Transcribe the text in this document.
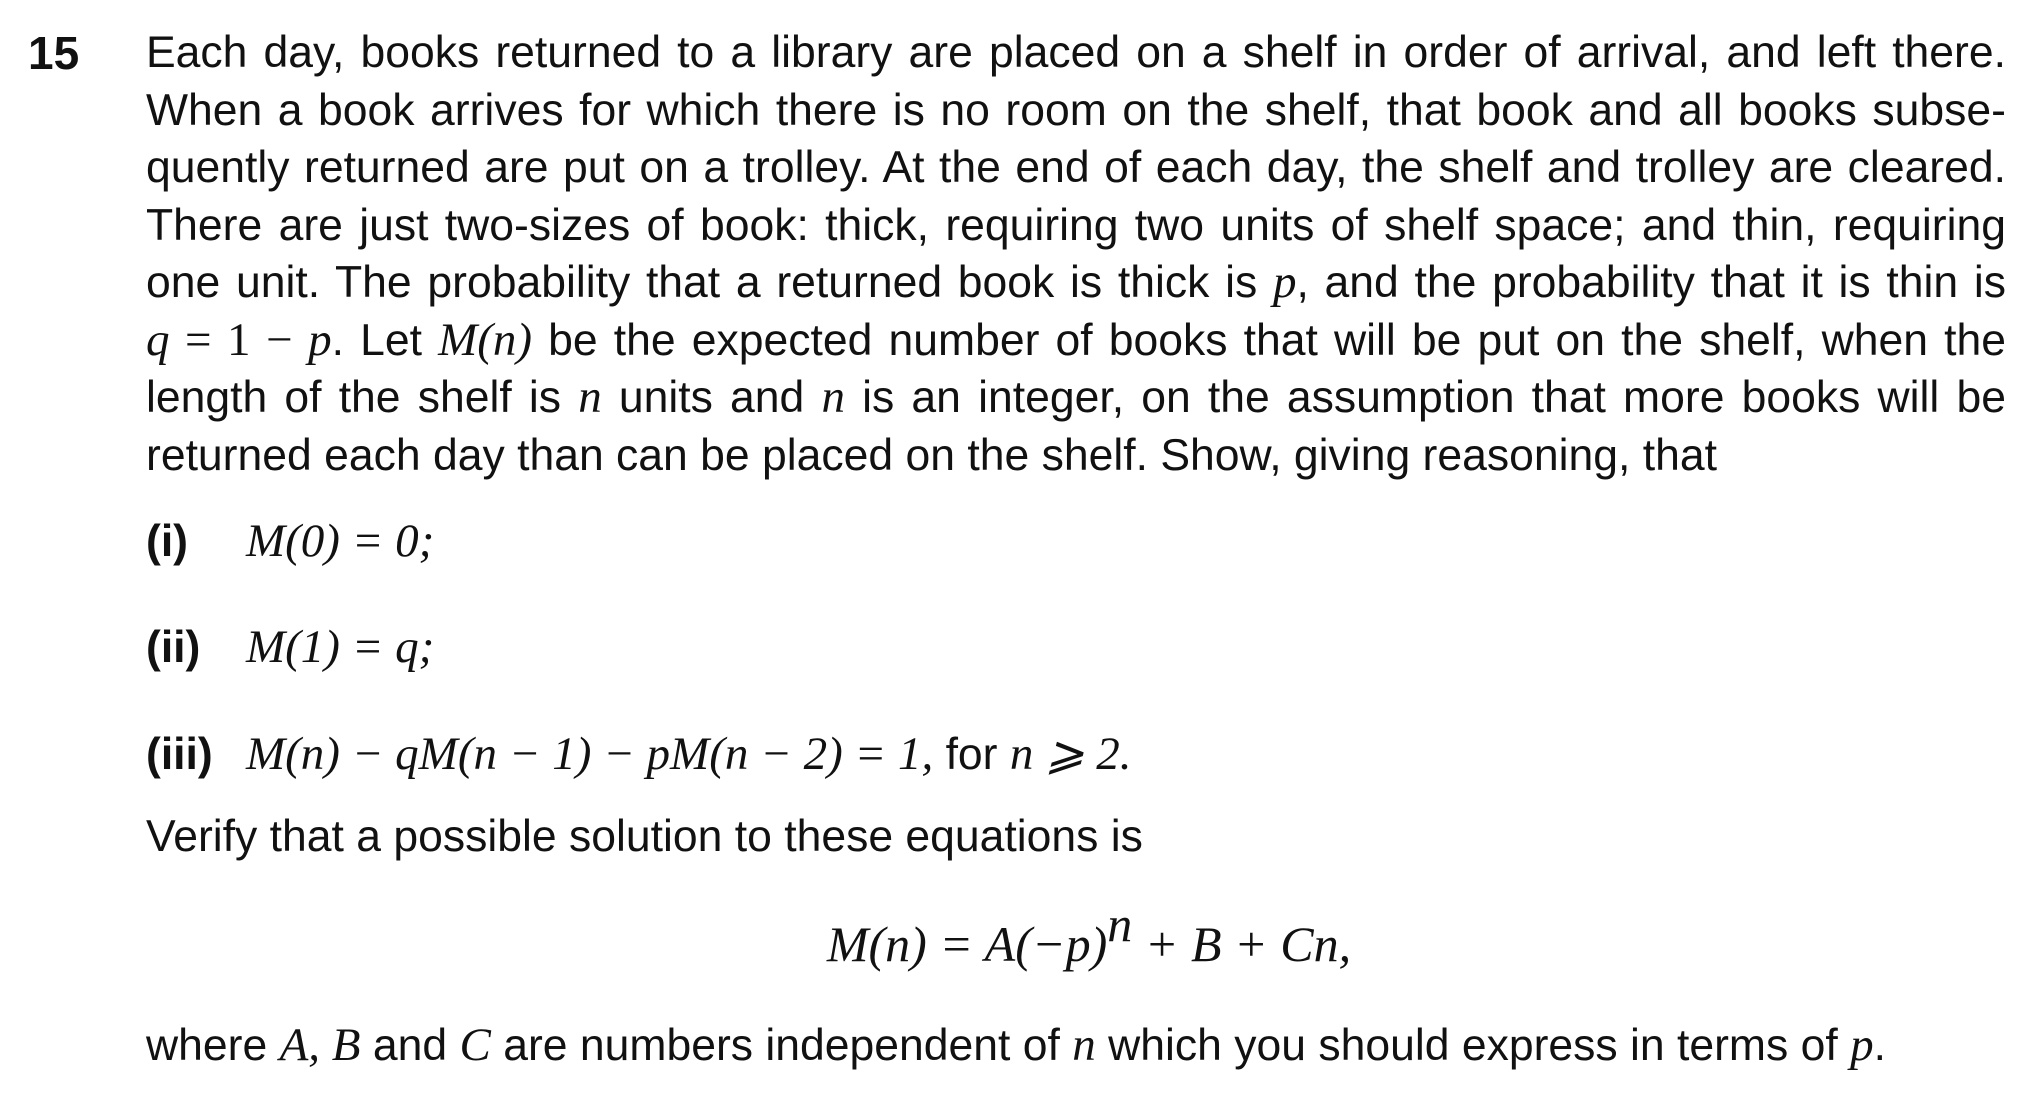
15 Each day, books returned to a library are placed on a shelf in order of arrival, and left there.
When a book arrives for which there is no room on the shelf, that book and all books subse-
quently returned are put on a trolley. At the end of each day, the shelf and trolley are cleared.
There are just two-sizes of book: thick, requiring two units of shelf space; and thin, requiring
one unit. The probability that a returned book is thick is p, and the probability that it is thin is
q = 1 − p. Let M(n) be the expected number of books that will be put on the shelf, when the
length of the shelf is n units and n is an integer, on the assumption that more books will be
returned each day than can be placed on the shelf. Show, giving reasoning, that
(i) M(0) = 0;
(ii) M(1) = q;
(iii) M(n) − qM(n − 1) − pM(n − 2) = 1, for n ⩾ 2.
Verify that a possible solution to these equations is
$M(n) = A(-p)^n + B + Cn$,
where A, B and C are numbers independent of n which you should express in terms of p.
